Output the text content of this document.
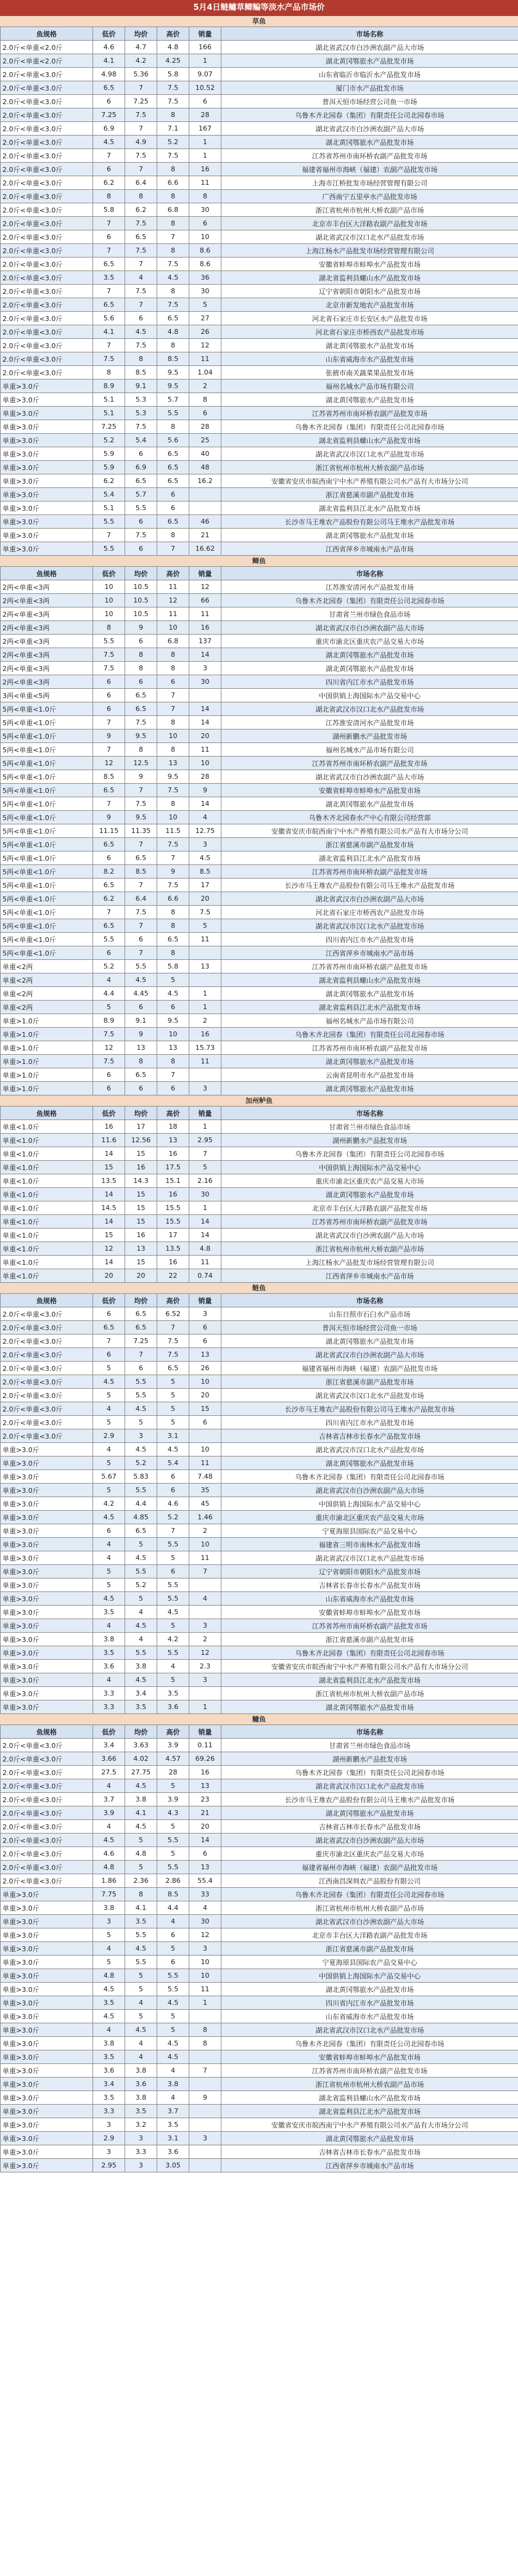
5月4日鲢鳙草鲫鳊等淡水产品市场价
草鱼
鱼规格	低价	均价	高价	销量	市场名称
2.0斤<单重<2.0斤	4.6	4.7	4.8	166	湖北省武汉市白沙洲农副产品大市场
2.0斤<单重<2.0斤	4.1	4.2	4.25	1	湖北黄冈鄂旅水产品批发市场
2.0斤<单重<3.0斤	4.98	5.36	5.8	9.07	山东省临沂市临沂水产品批发市场
2.0斤<单重<3.0斤	6.5	7	7.5	10.52	厦门市水产品批发市场
2.0斤<单重<3.0斤	6	7.25	7.5	6	普洱天恒市场经营公司鱼一市场
2.0斤<单重<3.0斤	7.25	7.5	8	28	乌鲁木齐北园春（集团）有限责任公司北园春市场
2.0斤<单重<3.0斤	6.9	7	7.1	167	湖北省武汉市白沙洲农副产品大市场
2.0斤<单重<3.0斤	4.5	4.9	5.2	1	湖北黄冈鄂旅水产品批发市场
2.0斤<单重<3.0斤	7	7.5	7.5	1	江苏省苏州市南环桥农副产品批发市场
2.0斤<单重<3.0斤	6	7	8	16	福建省福州市海峡（福建）农副产品批发市场
2.0斤<单重<3.0斤	6.2	6.4	6.6	11	上海市江桥批发市场经营管理有限公司
2.0斤<单重<3.0斤	8	8	8	8	广西南宁五里亭水产品批发市场
2.0斤<单重<3.0斤	5.8	6.2	6.8	30	浙江省杭州市杭州大桥农副产品市场
2.0斤<单重<3.0斤	7	7.5	8	6	北京市丰台区大洋路农副产品批发市场
2.0斤<单重<3.0斤	6	6.5	7	10	湖北省武汉市汉口北水产品批发市场
2.0斤<单重<3.0斤	7	7.5	8	8.6	上海江杨水产品批发市场经营管理有限公司
2.0斤<单重<3.0斤	6.5	7	7.5	8.6	安徽省蚌埠市蚌埠水产品批发市场
2.0斤<单重<3.0斤	3.5	4	4.5	36	湖北省监利县螺山水产品批发市场
2.0斤<单重<3.0斤	7	7.5	8	30	辽宁省朝阳市朝阳水产品批发市场
2.0斤<单重<3.0斤	6.5	7	7.5	5	北京市新发地农产品批发市场
2.0斤<单重<3.0斤	5.6	6	6.5	27	河北省石家庄市长安区水产品批发市场
2.0斤<单重<3.0斤	4.1	4.5	4.8	26	河北省石家庄市桥西农产品批发市场
2.0斤<单重<3.0斤	7	7.5	8	12	湖北黄冈鄂旅水产品批发市场
2.0斤<单重<3.0斤	7.5	8	8.5	11	山东省威海市水产品批发市场
2.0斤<单重<3.0斤	8	8.5	9.5	1.04	张掖市南关蔬菜果品批发市场
单重>3.0斤	8.9	9.1	9.5	2	福州名城水产品市场有限公司
单重>3.0斤	5.1	5.3	5.7	8	湖北黄冈鄂旅水产品批发市场
单重>3.0斤	5.1	5.3	5.5	6	江苏省苏州市南环桥农副产品批发市场
单重>3.0斤	7.25	7.5	8	28	乌鲁木齐北园春（集团）有限责任公司北园春市场
单重>3.0斤	5.2	5.4	5.6	25	湖北省监利县螺山水产品批发市场
单重>3.0斤	5.9	6	6.5	40	湖北省武汉市汉口北水产品批发市场
单重>3.0斤	5.9	6.9	6.5	48	浙江省杭州市杭州大桥农副产品市场
单重>3.0斤	6.2	6.5	6.5	16.2	安徽省安庆市皖西南宁中水产养殖有限公司水产品有大市场分公司
单重>3.0斤	5.4	5.7	6		浙江省慈溪市副产品批发市场
单重>3.0斤	5.1	5.5	6		湖北省监利县江北水产品批发市场
单重>3.0斤	5.5	6	6.5	46	长沙市马王堆农产品股份有限公司马王堆水产品批发市场
单重>3.0斤	7	7.5	8	21	湖北黄冈鄂旅水产品批发市场
单重>3.0斤	5.5	6	7	16.62	江西省萍乡市城南水产品市场
鲫鱼
鱼规格	低价	均价	高价	销量	市场名称
2两<单重<3两	10	10.5	11	12	江苏淮安清河水产品批发市场
2两<单重<3两	10	10.5	12	66	乌鲁木齐北园春（集团）有限责任公司北园春市场
2两<单重<3两	10	10.5	11	11	甘肃省兰州市绿色食品市场
2两<单重<3两	8	9	10	16	湖北省武汉市白沙洲农副产品大市场
2两<单重<3两	5.5	6	6.8	137	重庆市渝北区重庆农产品交易大市场
2两<单重<3两	7.5	8	8	14	湖北黄冈鄂旅水产品批发市场
2两<单重<3两	7.5	8	8	3	湖北黄冈鄂旅水产品批发市场
2两<单重<3两	6	6	6	30	四川省内江市水产品批发市场
3两<单重<5两	6	6.5	7		中国供销上海国际水产品交易中心
5两<单重<1.0斤	6	6.5	7	14	湖北省武汉市汉口北水产品批发市场
5两<单重<1.0斤	7	7.5	8	14	江苏淮安清河水产品批发市场
5两<单重<1.0斤	9	9.5	10	20	湖州新鹏水产品批发市场
5两<单重<1.0斤	7	8	8	11	福州名城水产品市场有限公司
5两<单重<1.0斤	12	12.5	13	10	江苏省苏州市南环桥农副产品批发市场
5两<单重<1.0斤	8.5	9	9.5	28	湖北省武汉市白沙洲农副产品大市场
5两<单重<1.0斤	6.5	7	7.5	9	安徽省蚌埠市蚌埠水产品批发市场
5两<单重<1.0斤	7	7.5	8	14	湖北黄冈鄂旅水产品批发市场
5两<单重<1.0斤	9	9.5	10	4	乌鲁木齐北园春水产中心有限公司经营部
5两<单重<1.0斤	11.15	11.35	11.5	12.75	安徽省安庆市皖西南宁中水产养殖有限公司水产品有大市场分公司
5两<单重<1.0斤	6.5	7	7.5	3	浙江省慈溪市副产品批发市场
5两<单重<1.0斤	6	6.5	7	4.5	湖北省监利县江北水产品批发市场
5两<单重<1.0斤	8.2	8.5	9	8.5	江苏省苏州市南环桥农副产品批发市场
5两<单重<1.0斤	6.5	7	7.5	17	长沙市马王堆农产品股份有限公司马王堆水产品批发市场
5两<单重<1.0斤	6.2	6.4	6.6	20	湖北省武汉市白沙洲农副产品大市场
5两<单重<1.0斤	7	7.5	8	7.5	河北省石家庄市桥西农产品批发市场
5两<单重<1.0斤	6.5	7	8	5	湖北省武汉市汉口北水产品批发市场
5两<单重<1.0斤	5.5	6	6.5	11	四川省内江市水产品批发市场
5两<单重<1.0斤	6	7	8		江西省萍乡市城南水产品市场
单重<2两	5.2	5.5	5.8	13	江苏省苏州市南环桥农副产品批发市场
单重<2两	4	4.5	5		湖北省监利县螺山水产品批发市场
单重<2两	4.4	4.45	4.5	1	湖北黄冈鄂旅水产品批发市场
单重<2两	5	6	6	1	湖北省监利县江北水产品批发市场
单重>1.0斤	8.9	9.1	9.5	2	福州名城水产品市场有限公司
单重>1.0斤	7.5	9	10	16	乌鲁木齐北园春（集团）有限责任公司北园春市场
单重>1.0斤	12	13	13	15.73	江苏省苏州市南环桥农副产品批发市场
单重>1.0斤	7.5	8	8	11	湖北黄冈鄂旅水产品批发市场
单重>1.0斤	6	6.5	7		云南省昆明市水产品批发市场
单重>1.0斤	6	6	6	3	湖北黄冈鄂旅水产品批发市场
加州鲈鱼
鱼规格	低价	均价	高价	销量	市场名称
单重<1.0斤	16	17	18	1	甘肃省兰州市绿色食品市场
单重<1.0斤	11.6	12.56	13	2.95	湖州新鹏水产品批发市场
单重<1.0斤	14	15	16	7	乌鲁木齐北园春（集团）有限责任公司北园春市场
单重<1.0斤	15	16	17.5	5	中国供销上海国际水产品交易中心
单重<1.0斤	13.5	14.3	15.1	2.16	重庆市渝北区重庆农产品交易大市场
单重<1.0斤	14	15	16	30	湖北黄冈鄂旅水产品批发市场
单重<1.0斤	14.5	15	15.5	1	北京市丰台区大洋路农副产品批发市场
单重<1.0斤	14	15	15.5	14	江苏省苏州市南环桥农副产品批发市场
单重<1.0斤	15	16	17	14	湖北省武汉市白沙洲农副产品大市场
单重<1.0斤	12	13	13.5	4.8	浙江省杭州市杭州大桥农副产品市场
单重<1.0斤	14	15	16	11	上海江杨水产品批发市场经营管理有限公司
单重<1.0斤	20	20	22	0.74	江西省萍乡市城南水产品市场
鲢鱼
鱼规格	低价	均价	高价	销量	市场名称
2.0斤<单重<3.0斤	6	6.5	6.52	3	山东日照市石臼水产品市场
2.0斤<单重<3.0斤	6.5	6.5	7	6	普洱天恒市场经营公司鱼一市场
2.0斤<单重<3.0斤	7	7.25	7.5	6	湖北黄冈鄂旅水产品批发市场
2.0斤<单重<3.0斤	6	7	7.5	13	湖北省武汉市白沙洲农副产品大市场
2.0斤<单重<3.0斤	5	6	6.5	26	福建省福州市海峡（福建）农副产品批发市场
2.0斤<单重<3.0斤	4.5	5.5	5	10	浙江省慈溪市副产品批发市场
2.0斤<单重<3.0斤	5	5.5	5	20	湖北省武汉市汉口北水产品批发市场
2.0斤<单重<3.0斤	4	4.5	5	15	长沙市马王堆农产品股份有限公司马王堆水产品批发市场
2.0斤<单重<3.0斤	5	5	5	6	四川省内江市水产品批发市场
2.0斤<单重<3.0斤	2.9	3	3.1		吉林省吉林市长春水产品批发市场
单重>3.0斤	4	4.5	4.5	10	湖北省武汉市汉口北水产品批发市场
单重>3.0斤	5	5.2	5.4	11	湖北黄冈鄂旅水产品批发市场
单重>3.0斤	5.67	5.83	6	7.48	乌鲁木齐北园春（集团）有限责任公司北园春市场
单重>3.0斤	5	5.5	6	35	湖北省武汉市白沙洲农副产品大市场
单重>3.0斤	4.2	4.4	4.6	45	中国供销上海国际水产品交易中心
单重>3.0斤	4.5	4.85	5.2	1.46	重庆市渝北区重庆农产品交易大市场
单重>3.0斤	6	6.5	7	2	宁夏海原县国际农产品交易中心
单重>3.0斤	4	5	5.5	10	福建省三明市南林水产品批发市场
单重>3.0斤	4	4.5	5	11	湖北省武汉市汉口北水产品批发市场
单重>3.0斤	5	5.5	6	7	辽宁省朝阳市朝阳水产品批发市场
单重>3.0斤	5	5.2	5.5		吉林省长春市长春水产品批发市场
单重>3.0斤	4.5	5	5.5	4	山东省威海市水产品批发市场
单重>3.0斤	3.5	4	4.5		安徽省蚌埠市蚌埠水产品批发市场
单重>3.0斤	4	4.5	5	3	江苏省苏州市南环桥农副产品批发市场
单重>3.0斤	3.8	4	4.2	2	浙江省慈溪市副产品批发市场
单重>3.0斤	3.5	5.5	5.5	12	乌鲁木齐北园春（集团）有限责任公司北园春市场
单重>3.0斤	3.6	3.8	4	2.3	安徽省安庆市皖西南宁中水产养殖有限公司水产品有大市场分公司
单重>3.0斤	4	4.5	5	3	湖北省监利县江北水产品批发市场
单重>3.0斤	3.3	3.4	3.5		浙江省杭州市杭州大桥农副产品市场
单重>3.0斤	3.3	3.5	3.6	1	湖北黄冈鄂旅水产品批发市场
鳙鱼
鱼规格	低价	均价	高价	销量	市场名称
2.0斤<单重<3.0斤	3.4	3.63	3.9	0.11	甘肃省兰州市绿色食品市场
2.0斤<单重<3.0斤	3.66	4.02	4.57	69.26	湖州新鹏水产品批发市场
2.0斤<单重<3.0斤	27.5	27.75	28	16	乌鲁木齐北园春（集团）有限责任公司北园春市场
2.0斤<单重<3.0斤	4	4.5	5	13	湖北省武汉市汉口北水产品批发市场
2.0斤<单重<3.0斤	3.7	3.8	3.9	23	长沙市马王堆农产品股份有限公司马王堆水产品批发市场
2.0斤<单重<3.0斤	3.9	4.1	4.3	21	湖北黄冈鄂旅水产品批发市场
2.0斤<单重<3.0斤	4	4.5	5	20	吉林省吉林市长春水产品批发市场
2.0斤<单重<3.0斤	4.5	5	5.5	14	湖北省武汉市白沙洲农副产品大市场
2.0斤<单重<3.0斤	4.6	4.8	5	6	重庆市渝北区重庆农产品交易大市场
2.0斤<单重<3.0斤	4.8	5	5.5	13	福建省福州市海峡（福建）农副产品批发市场
2.0斤<单重<3.0斤	1.86	2.36	2.86	55.4	江西南昌深圳农产品股份有限公司
单重>3.0斤	7.75	8	8.5	33	乌鲁木齐北园春（集团）有限责任公司北园春市场
单重>3.0斤	3.8	4.1	4.4	4	浙江省杭州市杭州大桥农副产品市场
单重>3.0斤	3	3.5	4	30	湖北省武汉市白沙洲农副产品大市场
单重>3.0斤	5	5.5	6	12	北京市丰台区大洋路农副产品批发市场
单重>3.0斤	4	4.5	5	3	浙江省慈溪市副产品批发市场
单重>3.0斤	5	5.5	6	10	宁夏海原县国际农产品交易中心
单重>3.0斤	4.8	5	5.5	10	中国供销上海国际水产品交易中心
单重>3.0斤	4.5	5	5.5	11	湖北黄冈鄂旅水产品批发市场
单重>3.0斤	3.5	4	4.5	1	四川省内江市水产品批发市场
单重>3.0斤	4.5	5	5		山东省威海市水产品批发市场
单重>3.0斤	4	4.5	5	8	湖北省武汉市汉口北水产品批发市场
单重>3.0斤	3.8	4	4.5	8	乌鲁木齐北园春（集团）有限责任公司北园春市场
单重>3.0斤	3.5	4	4.5		安徽省蚌埠市蚌埠水产品批发市场
单重>3.0斤	3.6	3.8	4	7	江苏省苏州市南环桥农副产品批发市场
单重>3.0斤	3.4	3.6	3.8		浙江省杭州市杭州大桥农副产品市场
单重>3.0斤	3.5	3.8	4	9	湖北省监利县螺山水产品批发市场
单重>3.0斤	3.3	3.5	3.7		湖北省监利县江北水产品批发市场
单重>3.0斤	3	3.2	3.5		安徽省安庆市皖西南宁中水产养殖有限公司水产品有大市场分公司
单重>3.0斤	2.9	3	3.1	3	湖北黄冈鄂旅水产品批发市场
单重>3.0斤	3	3.3	3.6		吉林省吉林市长春水产品批发市场
单重>3.0斤	2.95	3	3.05		江西省萍乡市城南水产品市场
